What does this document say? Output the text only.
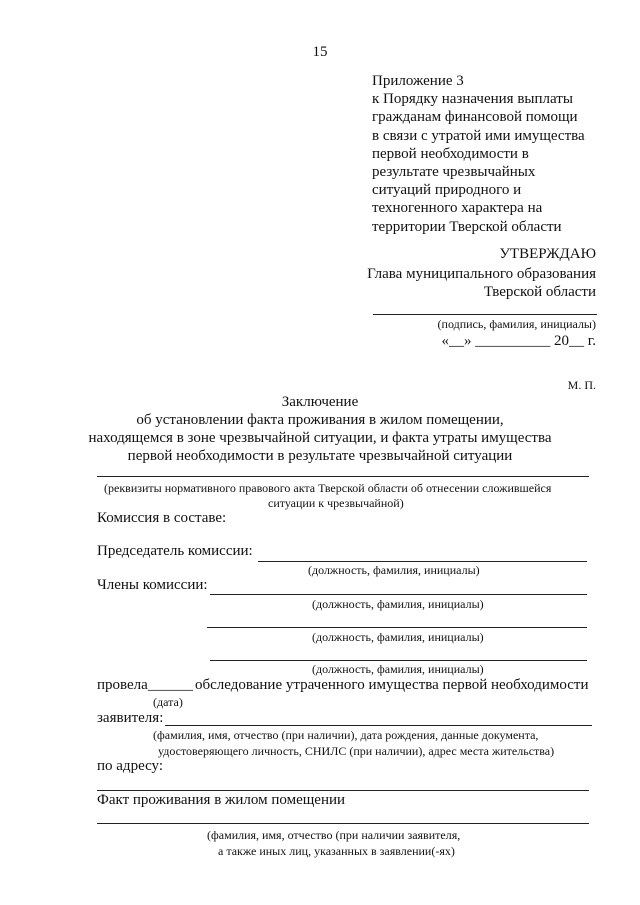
15
Приложение 3
к Порядку назначения выплаты
гражданам финансовой помощи
в связи с утратой ими имущества
первой необходимости в
результате чрезвычайных
ситуаций природного и
техногенного характера на
территории Тверской области
УТВЕРЖДАЮ
Глава муниципального образования
Тверской области
(подпись, фамилия, инициалы)
«__» __________ 20__ г.
М. П.
Заключение
об установлении факта проживания в жилом помещении,
находящемся в зоне чрезвычайной ситуации, и факта утраты имущества
первой необходимости в результате чрезвычайной ситуации
(реквизиты нормативного правового акта Тверской области об отнесении сложившейся
ситуации к чрезвычайной)
Комиссия в составе:
Председатель комиссии:
(должность, фамилия, инициалы)
Члены комиссии:
(должность, фамилия, инициалы)
(должность, фамилия, инициалы)
(должность, фамилия, инициалы)
провела______ обследование утраченного имущества первой необходимости
(дата)
заявителя:
(фамилия, имя, отчество (при наличии), дата рождения, данные документа,
удостоверяющего личность, СНИЛС (при наличии), адрес места жительства)
по адресу:
Факт проживания в жилом помещении
(фамилия, имя, отчество (при наличии заявителя,
а также иных лиц, указанных в заявлении(-ях)
